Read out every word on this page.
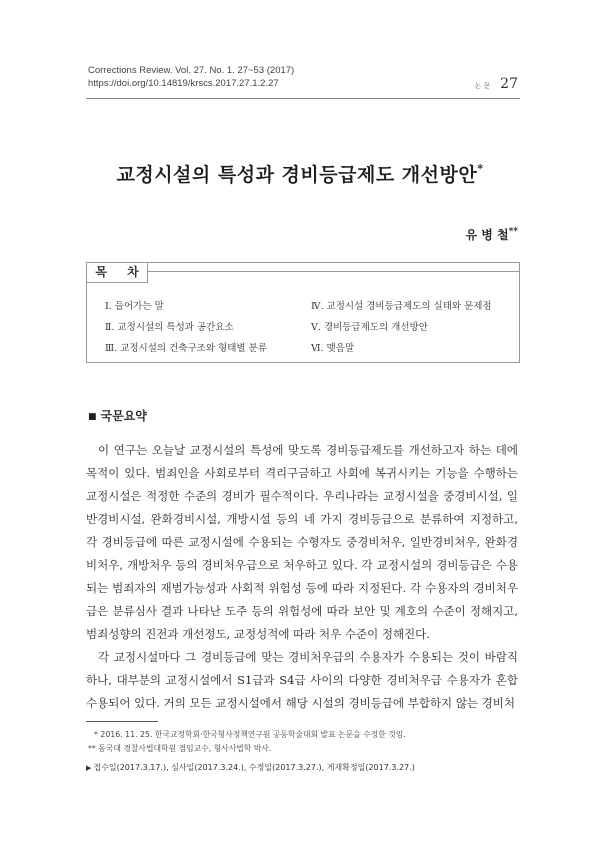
Corrections Review. Vol. 27. No. 1. 27~53 (2017)
https://doi.org/10.14819/krscs.2017.27.1.2.27	논 문 27
교정시설의 특성과 경비등급제도 개선방안*
유 병 철**
목 차
Ⅰ. 들어가는 말
Ⅱ. 교정시설의 특성과 공간요소
Ⅲ. 교정시설의 건축구조와 형태별 분류
Ⅳ. 교정시설 경비등급제도의 실태와 문제점
Ⅴ. 경비등급제도의 개선방안
Ⅵ. 맺음말
■ 국문요약

이 연구는 오늘날 교정시설의 특성에 맞도록 경비등급제도를 개선하고자 하는 데에 목적이 있다. 범죄인을 사회로부터 격리구금하고 사회에 복귀시키는 기능을 수행하는 교정시설은 적정한 수준의 경비가 필수적이다. 우리나라는 교정시설을 중경비시설, 일반경비시설, 완화경비시설, 개방시설 등의 네 가지 경비등급으로 분류하여 지정하고, 각 경비등급에 따른 교정시설에 수용되는 수형자도 중경비처우, 일반경비처우, 완화경비처우, 개방처우 등의 경비처우급으로 처우하고 있다. 각 교정시설의 경비등급은 수용되는 범죄자의 재범가능성과 사회적 위험성 등에 따라 지정된다. 각 수용자의 경비처우급은 분류심사 결과 나타난 도주 등의 위험성에 따라 보안 및 계호의 수준이 정해지고, 범죄성향의 진전과 개선정도, 교정성적에 따라 처우 수준이 정해진다.

각 교정시설마다 그 경비등급에 맞는 경비처우급의 수용자가 수용되는 것이 바람직하나, 대부분의 교정시설에서 S1급과 S4급 사이의 다양한 경비처우급 수용자가 혼합수용되어 있다. 거의 모든 교정시설에서 해당 시설의 경비등급에 부합하지 않는 경비처

* 2016. 11. 25. 한국교정학회·한국형사정책연구원 공동학술대회 발표 논문을 수정한 것임.
** 동국대 경찰사법대학원 겸임교수, 형사사법학 박사.
▶ 접수일(2017.3.17.), 심사일(2017.3.24.), 수정일(2017.3.27.), 게재확정일(2017.3.27.)
